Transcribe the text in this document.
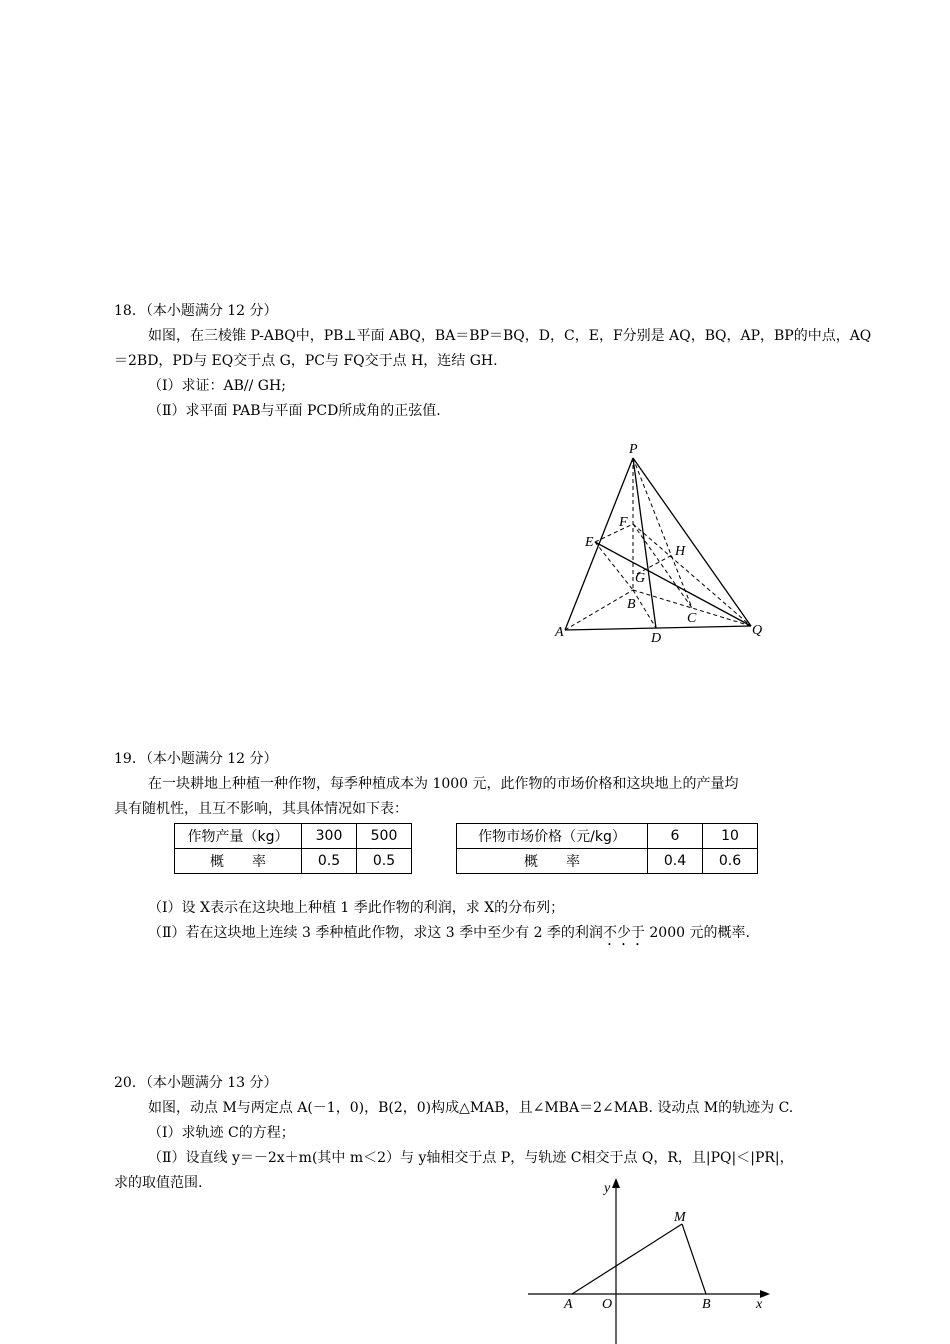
18．（本小题满分 12 分）
如图，在三棱锥 P-ABQ中，PB⊥平面 ABQ，BA＝BP＝BQ，D，C，E，F分别是 AQ，BQ，AP，BP的中点，AQ
＝2BD，PD与 EQ交于点 G，PC与 FQ交于点 H，连结 GH.
（Ⅰ）求证：AB// GH;
（Ⅱ）求平面 PAB与平面 PCD所成角的正弦值.
P
F
E
H
G
B
C
A	D
Q
19．（本小题满分 12 分）
在一块耕地上种植一种作物，每季种植成本为 1000 元，此作物的市场价格和这块地上的产量均
具有随机性，且互不影响，其具体情况如下表：
作物产量（kg）	300	500
概　　率	0.5	0.5
作物市场价格（元/kg）	6	10
概　　率	0.4	0.6
（Ⅰ）设 X表示在这块地上种植 1 季此作物的利润，求 X的分布列；
（Ⅱ）若在这块地上连续 3 季种植此作物，求这 3 季中至少有 2 季的利润不少于 2000 元的概率.
20．（本小题满分 13 分）
如图，动点 M与两定点 A(－1，0)，B(2，0)构成△MAB，且∠MBA＝2∠MAB. 设动点 M的轨迹为 C.
（Ⅰ）求轨迹 C的方程；
（Ⅱ）设直线 y＝－2x＋m(其中 m＜2）与 y轴相交于点 P，与轨迹 C相交于点 Q，R，且|PQ|＜|PR|，
求的取值范围.	y
x
M
A O	B
